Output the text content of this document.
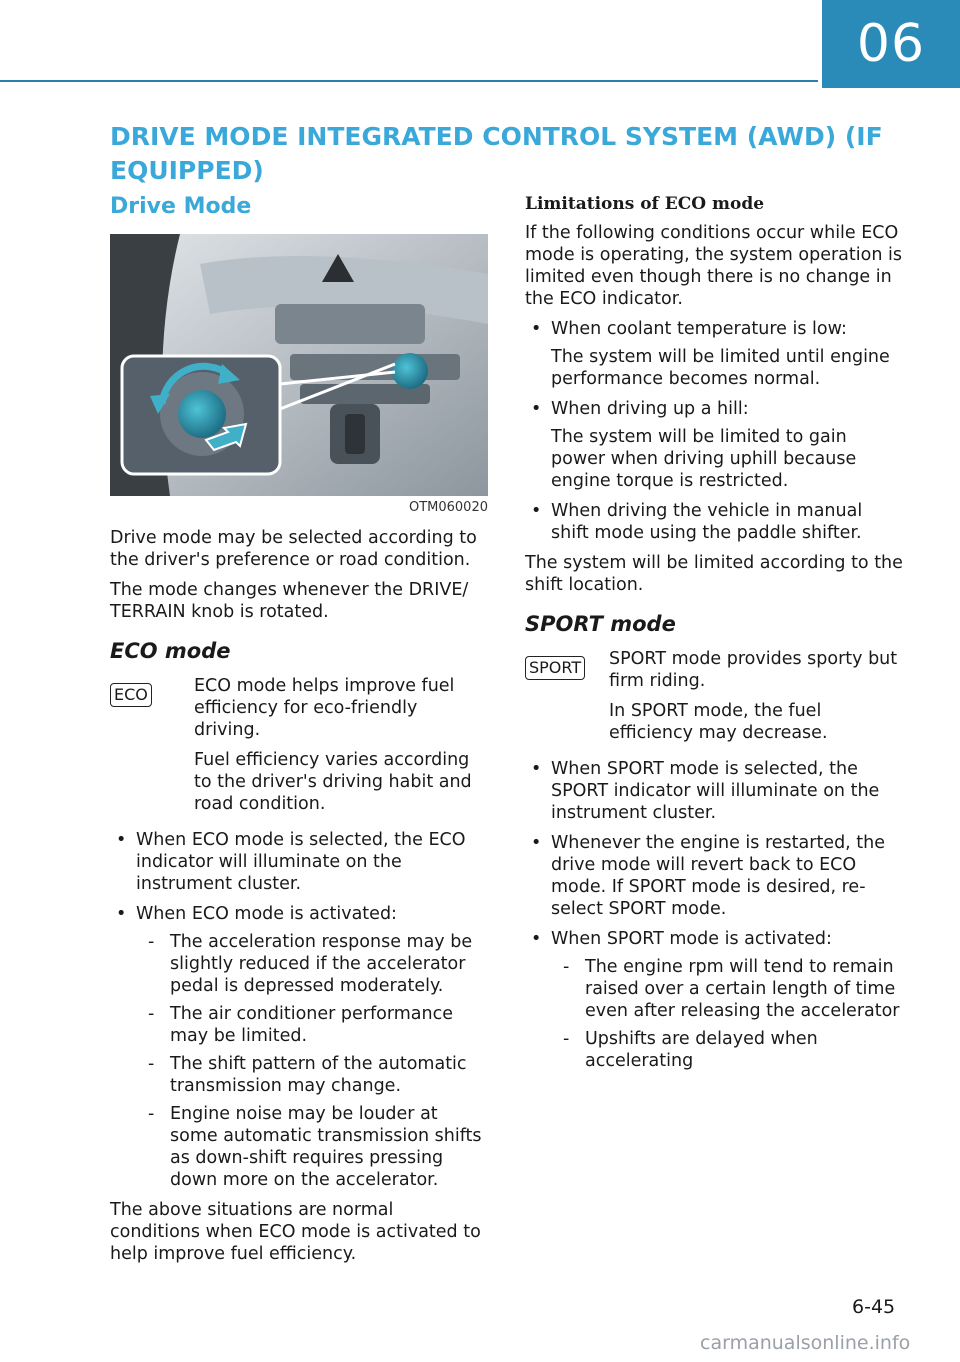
06
DRIVE MODE INTEGRATED CONTROL SYSTEM (AWD) (IF EQUIPPED)
Drive Mode
OTM060020

Drive mode may be selected according to the driver's preference or road condition.

The mode changes whenever the DRIVE/ TERRAIN knob is rotated.

ECO mode
ECO	ECO mode helps improve fuel efficiency for eco-friendly driving.

Fuel efficiency varies according to the driver's driving habit and road condition.

• When ECO mode is selected, the ECO indicator will illuminate on the instrument cluster.
• When ECO mode is activated:
- The acceleration response may be slightly reduced if the accelerator pedal is depressed moderately.
- The air conditioner performance may be limited.
- The shift pattern of the automatic transmission may change.
- Engine noise may be louder at some automatic transmission shifts as down-shift requires pressing down more on the accelerator.

The above situations are normal conditions when ECO mode is activated to help improve fuel efficiency.

Limitations of ECO mode

If the following conditions occur while ECO mode is operating, the system operation is limited even though there is no change in the ECO indicator.

• When coolant temperature is low:
The system will be limited until engine performance becomes normal.
• When driving up a hill:
The system will be limited to gain power when driving uphill because engine torque is restricted.
• When driving the vehicle in manual shift mode using the paddle shifter.

The system will be limited according to the shift location.

SPORT mode
SPORT	SPORT mode provides sporty but firm riding.

In SPORT mode, the fuel efficiency may decrease.

• When SPORT mode is selected, the SPORT indicator will illuminate on the instrument cluster.
• Whenever the engine is restarted, the drive mode will revert back to ECO mode. If SPORT mode is desired, re-select SPORT mode.
• When SPORT mode is activated:
- The engine rpm will tend to remain raised over a certain length of time even after releasing the accelerator
- Upshifts are delayed when accelerating
6-45
carmanualsonline.info
